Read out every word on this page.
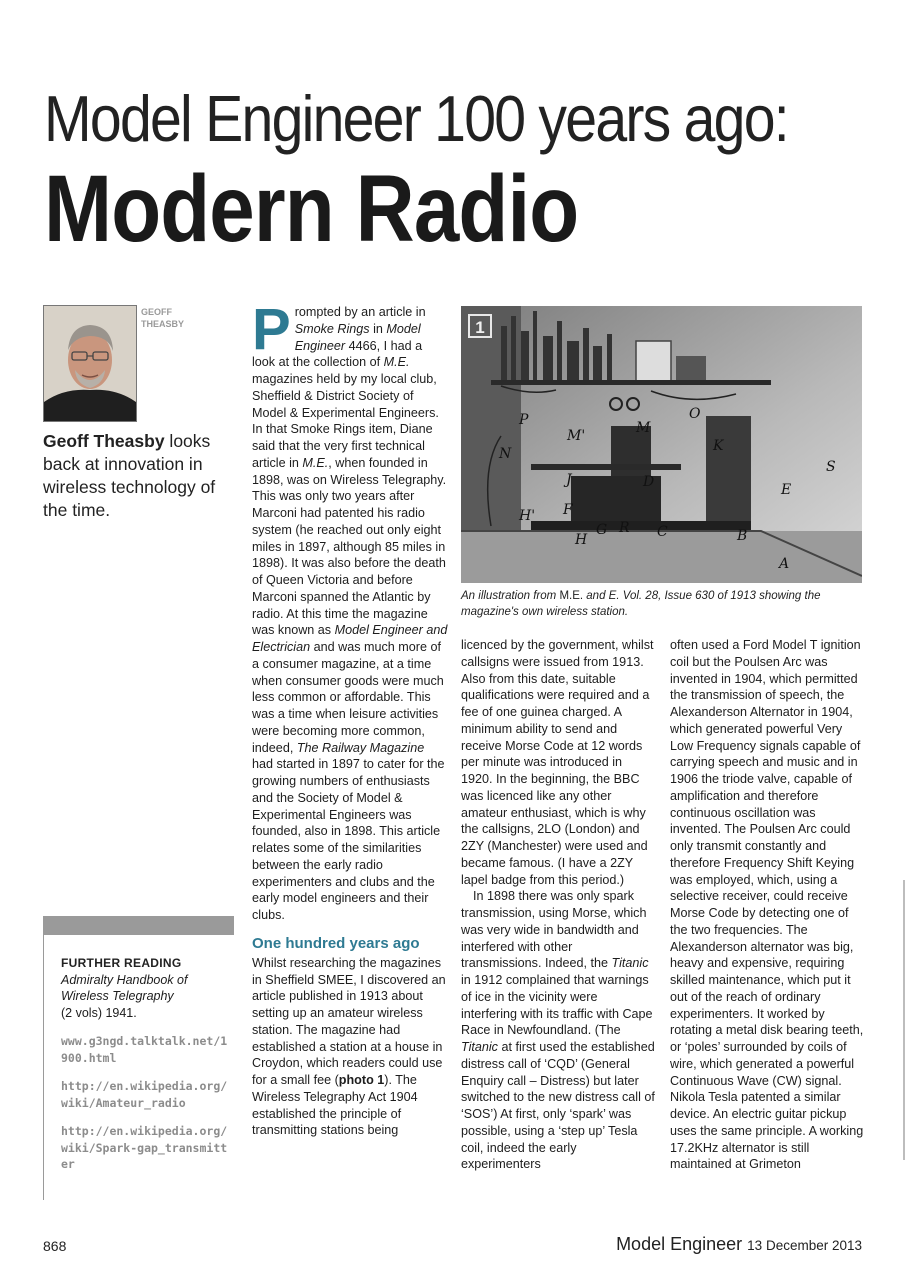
Model Engineer 100 years ago:
Modern Radio
GEOFF
THEASBY
Geoff Theasby looks back at innovation in wireless technology of the time.

Prompted by an article in Smoke Rings in Model Engineer 4466, I had a look at the collection of M.E. magazines held by my local club, Sheffield & District Society of Model & Experimental Engineers. In that Smoke Rings item, Diane said that the very first technical article in M.E., when founded in 1898, was on Wireless Telegraphy. This was only two years after Marconi had patented his radio system (he reached out only eight miles in 1897, although 85 miles in 1898). It was also before the death of Queen Victoria and before Marconi spanned the Atlantic by radio. At this time the magazine was known as Model Engineer and Electrician and was much more of a consumer magazine, at a time when consumer goods were much less common or affordable. This was a time when leisure activities were becoming more common, indeed, The Railway Magazine had started in 1897 to cater for the growing numbers of enthusiasts and the Society of Model & Experimental Engineers was founded, also in 1898. This article relates some of the similarities between the early radio experimenters and clubs and the early model engineers and their clubs.

One hundred years ago

Whilst researching the magazines in Sheffield SMEE, I discovered an article published in 1913 about setting up an amateur wireless station. The magazine had established a station at a house in Croydon, which readers could use for a small fee (photo 1). The Wireless Telegraphy Act 1904 established the principle of transmitting stations being

P
M'	M
O
N	K
J	D
H' F
H
G R C	B
S
E
A
1
An illustration from M.E. and E. Vol. 28, Issue 630 of 1913 showing the magazine's own wireless station.

licenced by the government, whilst callsigns were issued from 1913. Also from this date, suitable qualifications were required and a fee of one guinea charged. A minimum ability to send and receive Morse Code at 12 words per minute was introduced in 1920. In the beginning, the BBC was licenced like any other amateur enthusiast, which is why the callsigns, 2LO (London) and 2ZY (Manchester) were used and became famous. (I have a 2ZY lapel badge from this period.)

In 1898 there was only spark transmission, using Morse, which was very wide in bandwidth and interfered with other transmissions. Indeed, the Titanic in 1912 complained that warnings of ice in the vicinity were interfering with its traffic with Cape Race in Newfoundland. (The Titanic at first used the established distress call of ‘CQD’ (General Enquiry call – Distress) but later switched to the new distress call of ‘SOS’) At first, only ‘spark’ was possible, using a ‘step up’ Tesla coil, indeed the early experimenters

often used a Ford Model T ignition coil but the Poulsen Arc was invented in 1904, which permitted the transmission of speech, the Alexanderson Alternator in 1904, which generated powerful Very Low Frequency signals capable of carrying speech and music and in 1906 the triode valve, capable of amplification and therefore continuous oscillation was invented. The Poulsen Arc could only transmit constantly and therefore Frequency Shift Keying was employed, which, using a selective receiver, could receive Morse Code by detecting one of the two frequencies. The Alexanderson alternator was big, heavy and expensive, requiring skilled maintenance, which put it out of the reach of ordinary experimenters. It worked by rotating a metal disk bearing teeth, or ‘poles’ surrounded by coils of wire, which generated a powerful Continuous Wave (CW) signal. Nikola Tesla patented a similar device. An electric guitar pickup uses the same principle. A working 17.2KHz alternator is still maintained at Grimeton

FURTHER READING
Admiralty Handbook of Wireless Telegraphy
(2 vols) 1941.
www.g3ngd.talktalk.net/1900.html
http://en.wikipedia.org/wiki/Amateur_radio
http://en.wikipedia.org/wiki/Spark-gap_transmitter
868	Model Engineer 13 December 2013
